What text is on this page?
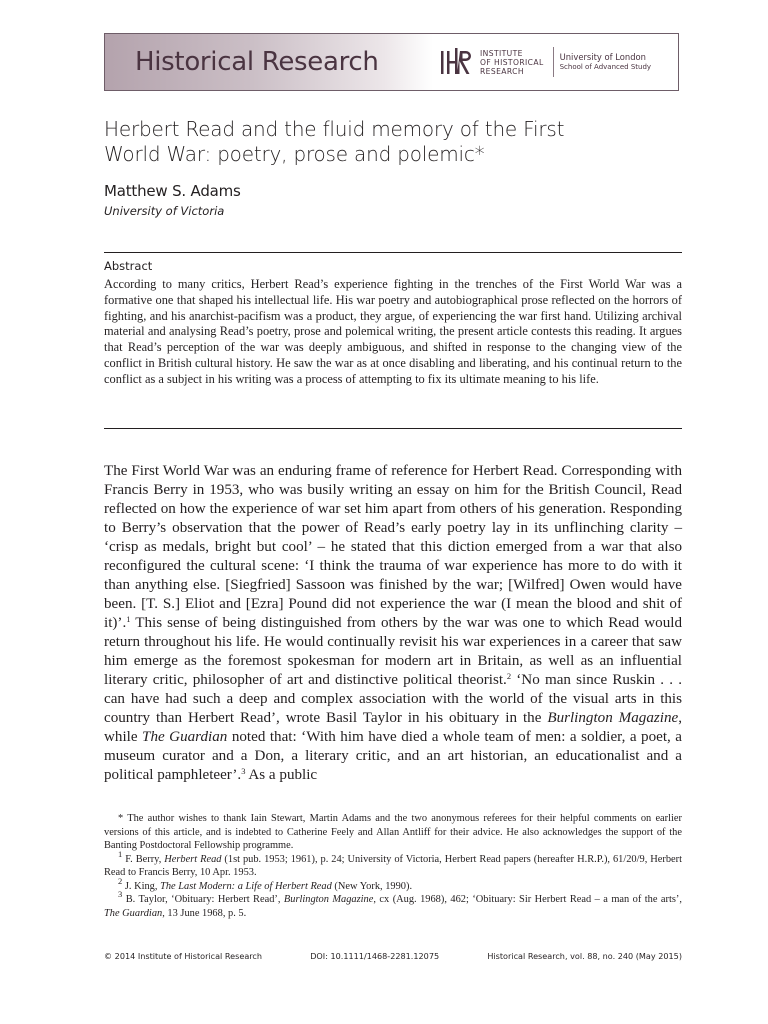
Historical Research	INSTITUTE
OF HISTORICAL
RESEARCH
University of London
School of Advanced Study
Herbert Read and the fluid memory of the First
World War: poetry, prose and polemic*
Matthew S. Adams
University of Victoria
Abstract

According to many critics, Herbert Read’s experience fighting in the trenches of the First World War was a formative one that shaped his intellectual life. His war poetry and autobiographical prose reflected on the horrors of fighting, and his anarchist-pacifism was a product, they argue, of experiencing the war first hand. Utilizing archival material and analysing Read’s poetry, prose and polemical writing, the present article contests this reading. It argues that Read’s perception of the war was deeply ambiguous, and shifted in response to the changing view of the conflict in British cultural history. He saw the war as at once disabling and liberating, and his continual return to the conflict as a subject in his writing was a process of attempting to fix its ultimate meaning to his life.

The First World War was an enduring frame of reference for Herbert Read. Corresponding with Francis Berry in 1953, who was busily writing an essay on him for the British Council, Read reflected on how the experience of war set him apart from others of his generation. Responding to Berry’s observation that the power of Read’s early poetry lay in its unflinching clarity – ‘crisp as medals, bright but cool’ – he stated that this diction emerged from a war that also reconfigured the cultural scene: ‘I think the trauma of war experience has more to do with it than anything else. [Siegfried] Sassoon was finished by the war; [Wilfred] Owen would have been. [T. S.] Eliot and [Ezra] Pound did not experience the war (I mean the blood and shit of it)’.$^1$ This sense of being distinguished from others by the war was one to which Read would return throughout his life. He would continually revisit his war experiences in a career that saw him emerge as the foremost spokesman for modern art in Britain, as well as an influential literary critic, philosopher of art and distinctive political theorist.$^2$ ‘No man since Ruskin . . . can have had such a deep and complex association with the world of the visual arts in this country than Herbert Read’, wrote Basil Taylor in his obituary in the Burlington Magazine, while The Guardian noted that: ‘With him have died a whole team of men: a soldier, a poet, a museum curator and a Don, a literary critic, and an art historian, an educationalist and a political pamphleteer’.$^3$ As a public

* The author wishes to thank Iain Stewart, Martin Adams and the two anonymous referees for their helpful comments on earlier versions of this article, and is indebted to Catherine Feely and Allan Antliff for their advice. He also acknowledges the support of the Banting Postdoctoral Fellowship programme.

$^1$ F. Berry, Herbert Read (1st pub. 1953; 1961), p. 24; University of Victoria, Herbert Read papers (hereafter H.R.P.), 61/20/9, Herbert Read to Francis Berry, 10 Apr. 1953.

$^2$ J. King, The Last Modern: a Life of Herbert Read (New York, 1990).

$^3$ B. Taylor, ‘Obituary: Herbert Read’, Burlington Magazine, cx (Aug. 1968), 462; ‘Obituary: Sir Herbert Read – a man of the arts’, The Guardian, 13 June 1968, p. 5.

© 2014 Institute of Historical Research	DOI: 10.1111/1468-2281.12075	Historical Research, vol. 88, no. 240 (May 2015)
